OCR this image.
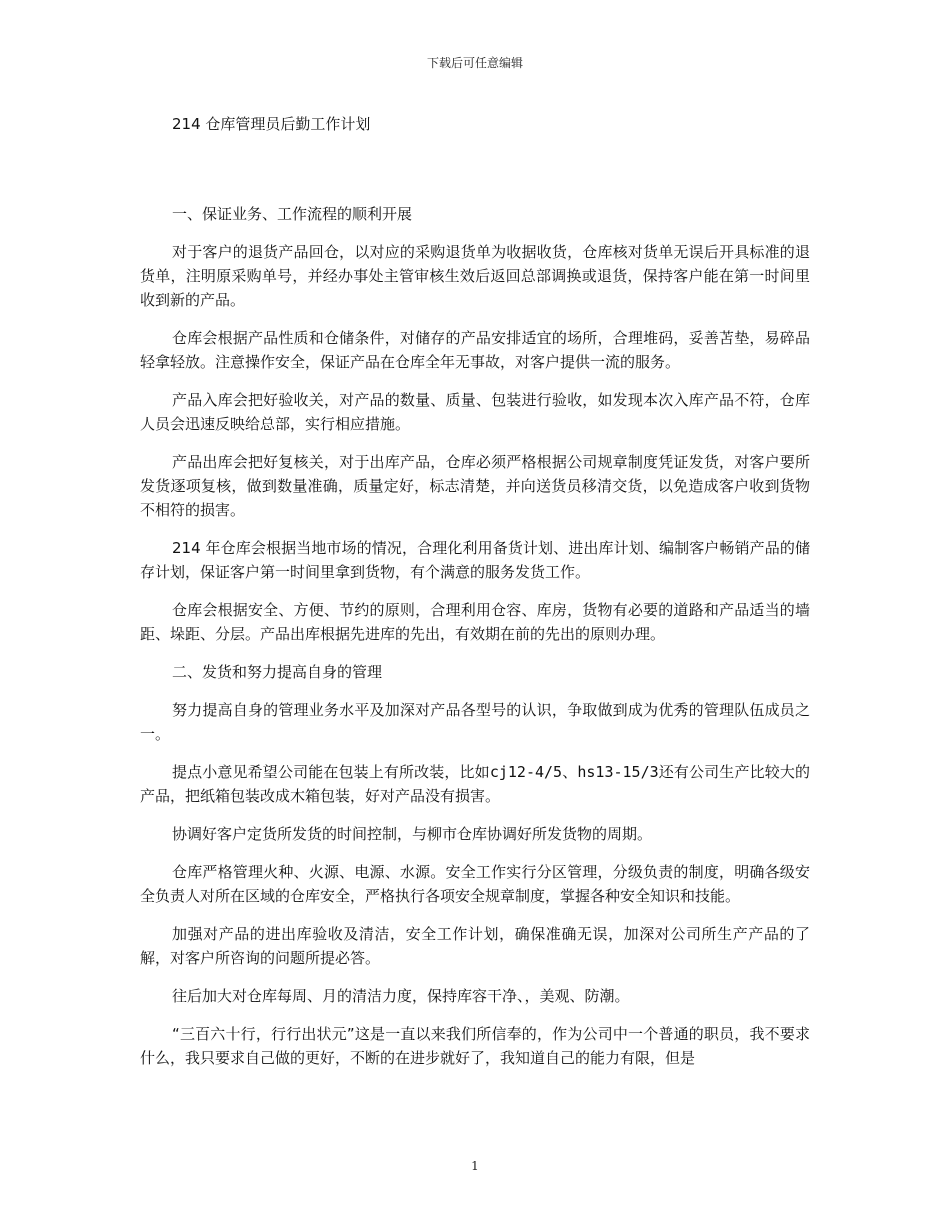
下载后可任意编辑

214 仓库管理员后勤工作计划

一、保证业务、工作流程的顺利开展

对于客户的退货产品回仓，以对应的采购退货单为收据收货，仓库核对货单无误后开具标准的退货单，注明原采购单号，并经办事处主管审核生效后返回总部调换或退货，保持客户能在第一时间里收到新的产品。

仓库会根据产品性质和仓储条件，对储存的产品安排适宜的场所，合理堆码，妥善苫垫，易碎品轻拿轻放。注意操作安全，保证产品在仓库全年无事故，对客户提供一流的服务。

产品入库会把好验收关，对产品的数量、质量、包装进行验收，如发现本次入库产品不符，仓库人员会迅速反映给总部，实行相应措施。

产品出库会把好复核关，对于出库产品，仓库必须严格根据公司规章制度凭证发货，对客户要所发货逐项复核，做到数量准确，质量定好，标志清楚，并向送货员移清交货，以免造成客户收到货物不相符的损害。

214 年仓库会根据当地市场的情况，合理化利用备货计划、进出库计划、编制客户畅销产品的储存计划，保证客户第一时间里拿到货物，有个满意的服务发货工作。

仓库会根据安全、方便、节约的原则，合理利用仓容、库房，货物有必要的道路和产品适当的墙距、垛距、分层。产品出库根据先进库的先出，有效期在前的先出的原则办理。

二、发货和努力提高自身的管理

努力提高自身的管理业务水平及加深对产品各型号的认识，争取做到成为优秀的管理队伍成员之一。

提点小意见希望公司能在包装上有所改装，比如cj12-4/5、hs13-15/3还有公司生产比较大的产品，把纸箱包装改成木箱包装，好对产品没有损害。

协调好客户定货所发货的时间控制，与柳市仓库协调好所发货物的周期。

仓库严格管理火种、火源、电源、水源。安全工作实行分区管理，分级负责的制度，明确各级安全负责人对所在区域的仓库安全，严格执行各项安全规章制度，掌握各种安全知识和技能。

加强对产品的进出库验收及清洁，安全工作计划，确保准确无误，加深对公司所生产产品的了解，对客户所咨询的问题所提必答。

往后加大对仓库每周、月的清洁力度，保持库容干净、，美观、防潮。

“三百六十行，行行出状元”这是一直以来我们所信奉的，作为公司中一个普通的职员，我不要求什么，我只要求自己做的更好，不断的在进步就好了，我知道自己的能力有限，但是

1
